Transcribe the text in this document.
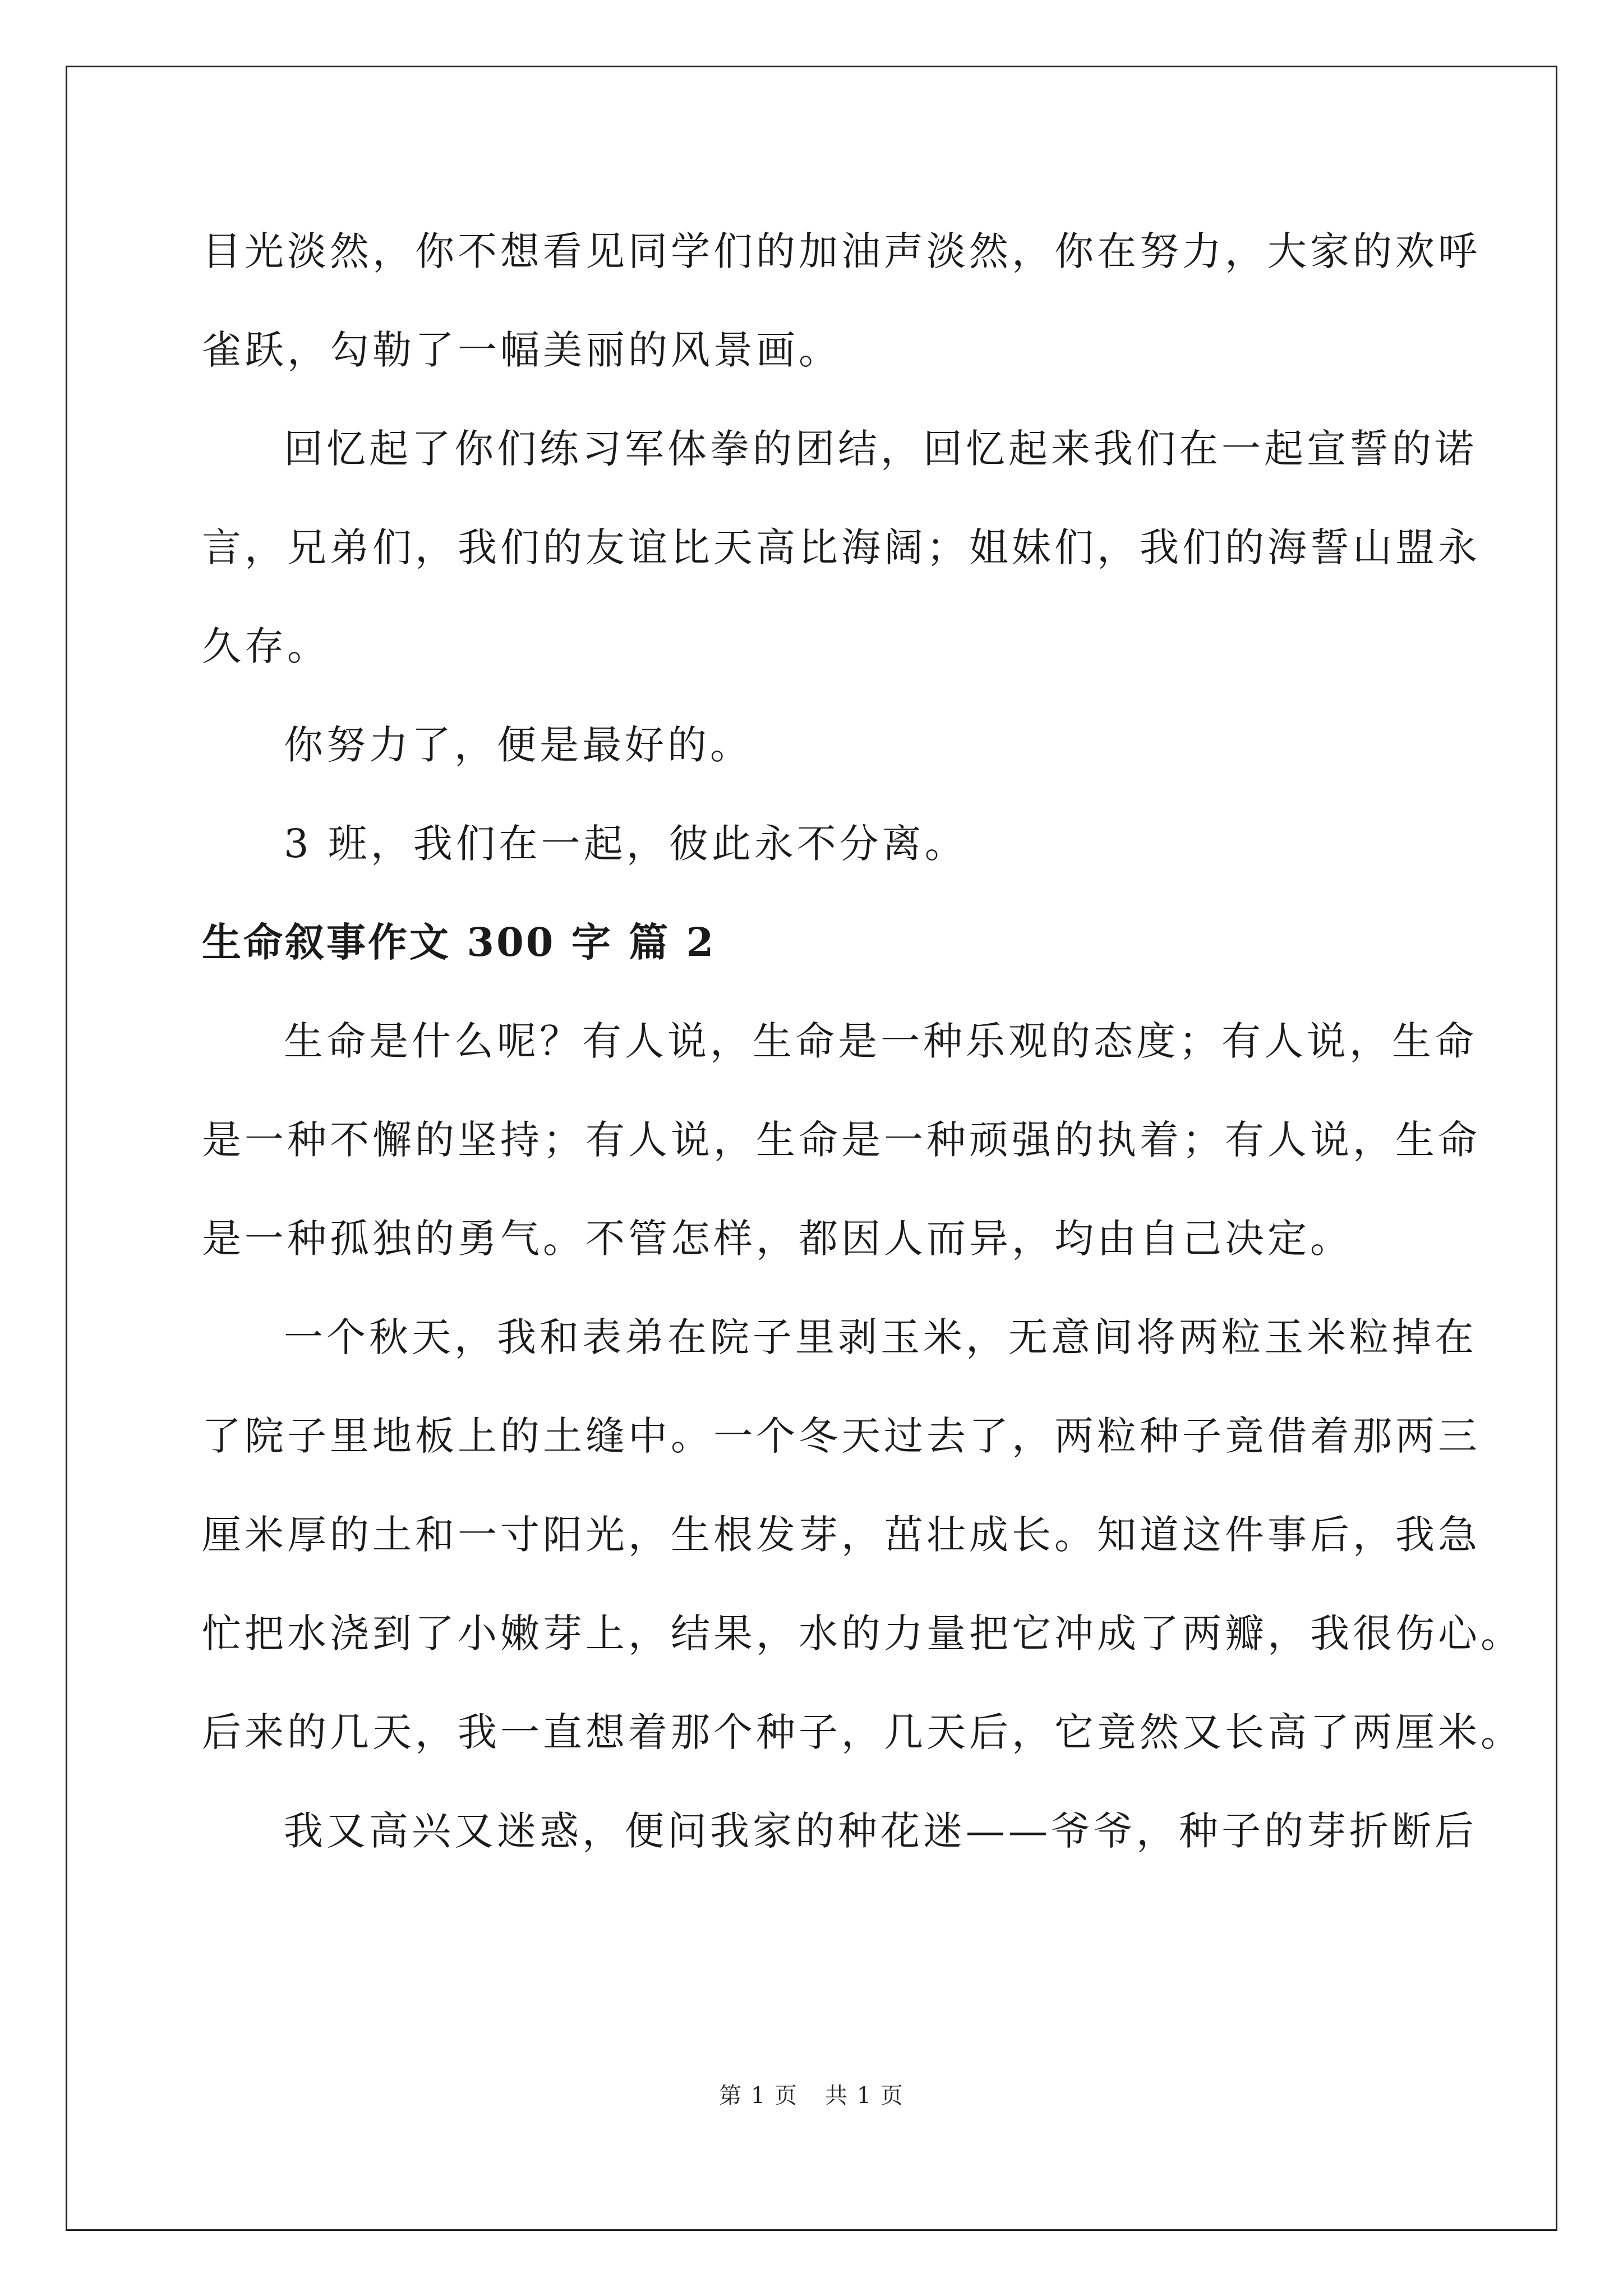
目光淡然，你不想看见同学们的加油声淡然，你在努力，大家的欢呼

雀跃，勾勒了一幅美丽的风景画。

回忆起了你们练习军体拳的团结，回忆起来我们在一起宣誓的诺

言，兄弟们，我们的友谊比天高比海阔；姐妹们，我们的海誓山盟永

久存。

你努力了，便是最好的。

3 班，我们在一起，彼此永不分离。

生命叙事作文 300 字 篇 2

生命是什么呢？有人说，生命是一种乐观的态度；有人说，生命

是一种不懈的坚持；有人说，生命是一种顽强的执着；有人说，生命

是一种孤独的勇气。不管怎样，都因人而异，均由自己决定。

一个秋天，我和表弟在院子里剥玉米，无意间将两粒玉米粒掉在

了院子里地板上的土缝中。一个冬天过去了，两粒种子竟借着那两三

厘米厚的土和一寸阳光，生根发芽，茁壮成长。知道这件事后，我急

忙把水浇到了小嫩芽上，结果，水的力量把它冲成了两瓣，我很伤心。

后来的几天，我一直想着那个种子，几天后，它竟然又长高了两厘米。

我又高兴又迷惑，便问我家的种花迷——爷爷，种子的芽折断后

第 1 页 共 1 页
